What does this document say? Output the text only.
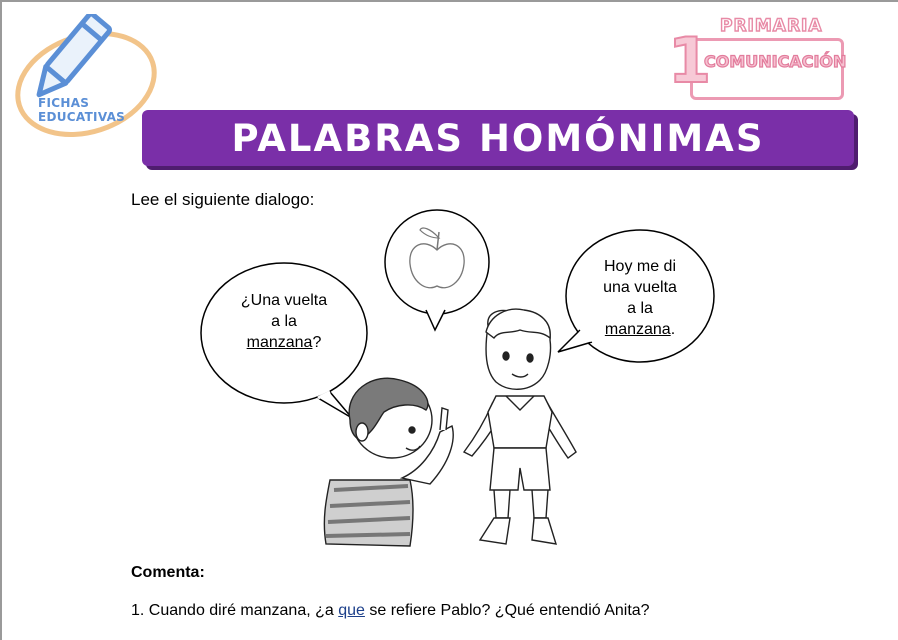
FICHAS
EDUCATIVAS
1 PRIMARIA
COMUNICACIÓN
PALABRAS HOMÓNIMAS
Lee el siguiente dialogo:
¿Una vuelta
a la
manzana?
Hoy me di
una vuelta
a la
manzana.
Comenta:
1. Cuando diré manzana, ¿a que se refiere Pablo? ¿Qué entendió Anita?
